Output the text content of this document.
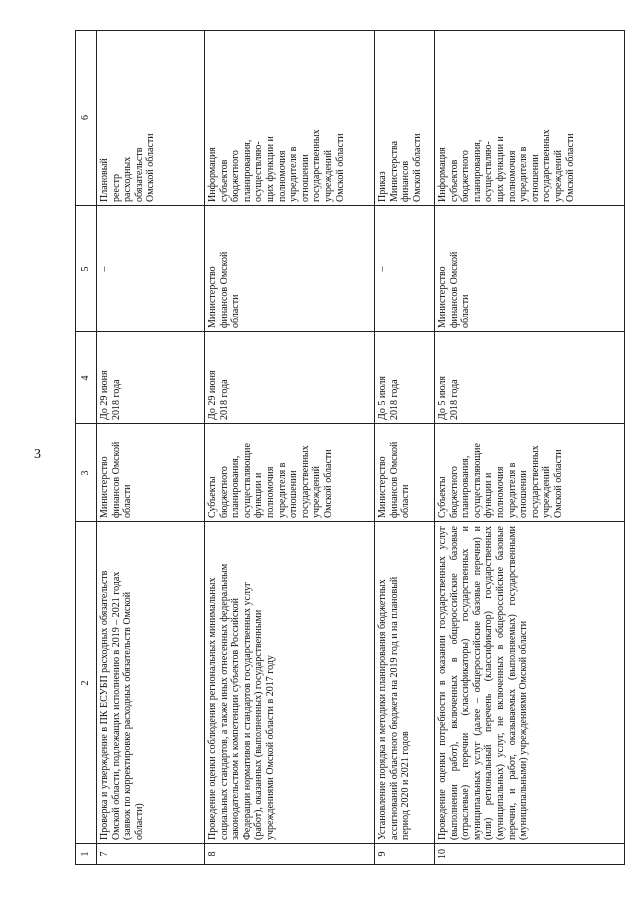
3
1
2
3
4
5
6
7
Проверка и утверждение в ПК ЕСУБП расходных обязательств
Омской области, подлежащих исполнению в 2019 – 2021 годах
(заявок по корректировке расходных обязательств Омской
области)
Министерство
финансов Омской
области
До 29 июня
2018 года
–
Плановый
реестр
расходных
обязательств
Омской области
8
Проведение оценки соблюдения региональных минимальных
социальных стандартов, а также иных отнесенных федеральным
законодательством к компетенции субъектов Российской
Федерации нормативов и стандартов государственных услуг
(работ), оказанных (выполненных) государственными
учреждениями Омской области в 2017 году
Субъекты
бюджетного
планирования,
осуществляющие
функции и
полномочия
учредителя в
отношении
государственных
учреждений
Омской области
До 29 июня
2018 года
Министерство
финансов Омской
области
Информация
субъектов
бюджетного
планирования,
осуществляю-
щих функции и
полномочия
учредителя в
отношении
государственных
учреждений
Омской области
9
Установление порядка и методики планирования бюджетных
ассигнований областного бюджета на 2019 год и на плановый
период 2020 и 2021 годов
Министерство
финансов Омской
области
До 5 июля
2018 года
–
Приказ
Министерства
финансов
Омской области
10
Проведение оценки потребности в оказании государственных услуг (выполнении работ), включенных в общероссийские базовые (отраслевые) перечни (классификаторы) государственных и муниципальных услуг (далее – общероссийские базовые перечни) и (или) региональный перечень (классификатор) государственных (муниципальных) услуг, не включенных в общероссийские базовые перечни, и работ, оказываемых (выполняемых) государственными (муниципальными) учреждениями Омской области
Субъекты
бюджетного
планирования,
осуществляющие
функции и
полномочия
учредителя в
отношении
государственных
учреждений
Омской области
До 5 июля
2018 года
Министерство
финансов Омской
области
Информация
субъектов
бюджетного
планирования,
осуществляю-
щих функции и
полномочия
учредителя в
отношении
государственных
учреждений
Омской области
